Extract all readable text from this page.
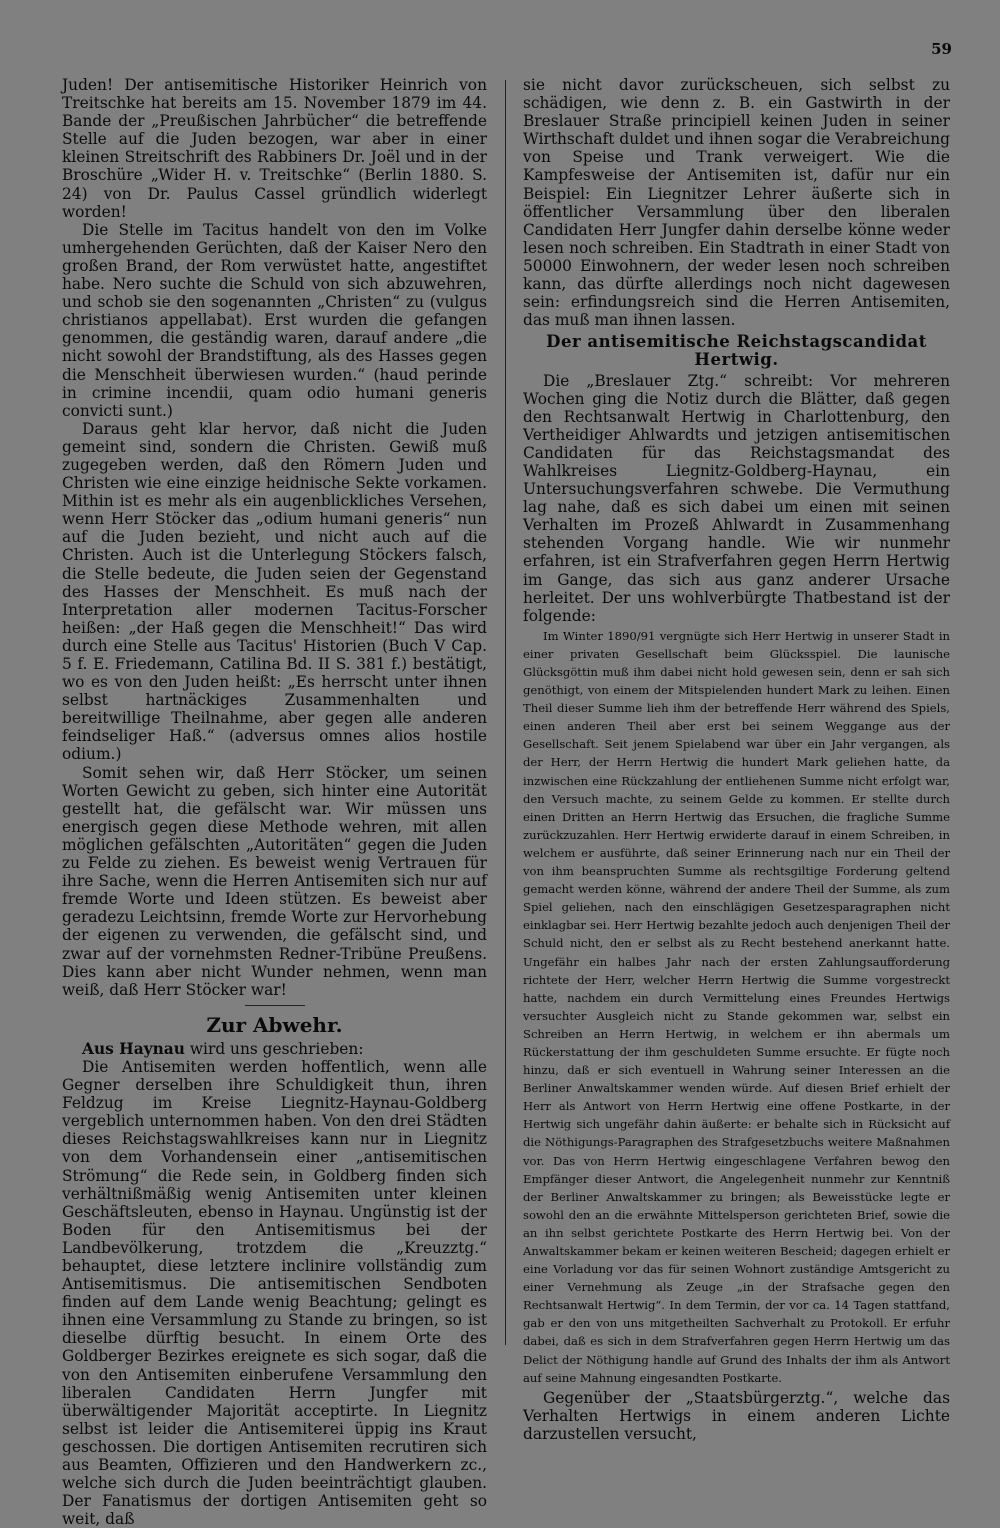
59

Juden! Der antisemitische Historiker Heinrich von Treitschke hat bereits am 15. November 1879 im 44. Bande der „Preußischen Jahrbücher“ die betreffende Stelle auf die Juden bezogen, war aber in einer kleinen Streitschrift des Rabbiners Dr. Joël und in der Broschüre „Wider H. v. Treitschke“ (Berlin 1880. S. 24) von Dr. Paulus Cassel gründlich widerlegt worden!

Die Stelle im Tacitus handelt von den im Volke umhergehenden Gerüchten, daß der Kaiser Nero den großen Brand, der Rom verwüstet hatte, angestiftet habe. Nero suchte die Schuld von sich abzuwehren, und schob sie den sogenannten „Christen“ zu (vulgus christianos appellabat). Erst wurden die gefangen genommen, die geständig waren, darauf andere „die nicht sowohl der Brandstiftung, als des Hasses gegen die Menschheit überwiesen wurden.“ (haud perinde in crimine incendii, quam odio humani generis convicti sunt.)

Daraus geht klar hervor, daß nicht die Juden gemeint sind, sondern die Christen. Gewiß muß zugegeben werden, daß den Römern Juden und Christen wie eine einzige heidnische Sekte vorkamen. Mithin ist es mehr als ein augenblickliches Versehen, wenn Herr Stöcker das „odium humani generis“ nun auf die Juden bezieht, und nicht auch auf die Christen. Auch ist die Unterlegung Stöckers falsch, die Stelle bedeute, die Juden seien der Gegenstand des Hasses der Menschheit. Es muß nach der Interpretation aller modernen Tacitus-Forscher heißen: „der Haß gegen die Menschheit!“ Das wird durch eine Stelle aus Tacitus' Historien (Buch V Cap. 5 f. E. Friedemann, Catilina Bd. II S. 381 f.) bestätigt, wo es von den Juden heißt: „Es herrscht unter ihnen selbst hartnäckiges Zusammenhalten und bereitwillige Theilnahme, aber gegen alle anderen feindseliger Haß.“ (adversus omnes alios hostile odium.)

Somit sehen wir, daß Herr Stöcker, um seinen Worten Gewicht zu geben, sich hinter eine Autorität gestellt hat, die gefälscht war. Wir müssen uns energisch gegen diese Methode wehren, mit allen möglichen gefälschten „Autoritäten“ gegen die Juden zu Felde zu ziehen. Es beweist wenig Vertrauen für ihre Sache, wenn die Herren Antisemiten sich nur auf fremde Worte und Ideen stützen. Es beweist aber geradezu Leichtsinn, fremde Worte zur Hervorhebung der eigenen zu verwenden, die gefälscht sind, und zwar auf der vornehmsten Redner-Tribüne Preußens. Dies kann aber nicht Wunder nehmen, wenn man weiß, daß Herr Stöcker war!

Zur Abwehr.

Aus Haynau wird uns geschrieben:

Die Antisemiten werden hoffentlich, wenn alle Gegner derselben ihre Schuldigkeit thun, ihren Feldzug im Kreise Liegnitz-Haynau-Goldberg vergeblich unternommen haben. Von den drei Städten dieses Reichstagswahlkreises kann nur in Liegnitz von dem Vorhandensein einer „antisemitischen Strömung“ die Rede sein, in Goldberg finden sich verhältnißmäßig wenig Antisemiten unter kleinen Geschäftsleuten, ebenso in Haynau. Ungünstig ist der Boden für den Antisemitismus bei der Landbevölkerung, trotzdem die „Kreuzztg.“ behauptet, diese letztere inclinire vollständig zum Antisemitismus. Die antisemitischen Sendboten finden auf dem Lande wenig Beachtung; gelingt es ihnen eine Versammlung zu Stande zu bringen, so ist dieselbe dürftig besucht. In einem Orte des Goldberger Bezirkes ereignete es sich sogar, daß die von den Antisemiten einberufene Versammlung den liberalen Candidaten Herrn Jungfer mit überwältigender Majorität acceptirte. In Liegnitz selbst ist leider die Antisemiterei üppig ins Kraut geschossen. Die dortigen Antisemiten recrutiren sich aus Beamten, Offizieren und den Handwerkern zc., welche sich durch die Juden beeinträchtigt glauben. Der Fanatismus der dortigen Antisemiten geht so weit, daß

sie nicht davor zurückscheuen, sich selbst zu schädigen, wie denn z. B. ein Gastwirth in der Breslauer Straße principiell keinen Juden in seiner Wirthschaft duldet und ihnen sogar die Verabreichung von Speise und Trank verweigert. Wie die Kampfesweise der Antisemiten ist, dafür nur ein Beispiel: Ein Liegnitzer Lehrer äußerte sich in öffentlicher Versammlung über den liberalen Candidaten Herr Jungfer dahin derselbe könne weder lesen noch schreiben. Ein Stadtrath in einer Stadt von 50000 Einwohnern, der weder lesen noch schreiben kann, das dürfte allerdings noch nicht dagewesen sein: erfindungsreich sind die Herren Antisemiten, das muß man ihnen lassen.

Der antisemitische Reichstagscandidat Hertwig.

Die „Breslauer Ztg.“ schreibt: Vor mehreren Wochen ging die Notiz durch die Blätter, daß gegen den Rechtsanwalt Hertwig in Charlottenburg, den Vertheidiger Ahlwardts und jetzigen antisemitischen Candidaten für das Reichstagsmandat des Wahlkreises Liegnitz-Goldberg-Haynau, ein Untersuchungsverfahren schwebe. Die Vermuthung lag nahe, daß es sich dabei um einen mit seinen Verhalten im Prozeß Ahlwardt in Zusammenhang stehenden Vorgang handle. Wie wir nunmehr erfahren, ist ein Strafverfahren gegen Herrn Hertwig im Gange, das sich aus ganz anderer Ursache herleitet. Der uns wohlverbürgte Thatbestand ist der folgende:

Im Winter 1890/91 vergnügte sich Herr Hertwig in unserer Stadt in einer privaten Gesellschaft beim Glücksspiel. Die launische Glücksgöttin muß ihm dabei nicht hold gewesen sein, denn er sah sich genöthigt, von einem der Mitspielenden hundert Mark zu leihen. Einen Theil dieser Summe lieh ihm der betreffende Herr während des Spiels, einen anderen Theil aber erst bei seinem Weggange aus der Gesellschaft. Seit jenem Spielabend war über ein Jahr vergangen, als der Herr, der Herrn Hertwig die hundert Mark geliehen hatte, da inzwischen eine Rückzahlung der entliehenen Summe nicht erfolgt war, den Versuch machte, zu seinem Gelde zu kommen. Er stellte durch einen Dritten an Herrn Hertwig das Ersuchen, die fragliche Summe zurückzuzahlen. Herr Hertwig erwiderte darauf in einem Schreiben, in welchem er ausführte, daß seiner Erinnerung nach nur ein Theil der von ihm beanspruchten Summe als rechtsgiltige Forderung geltend gemacht werden könne, während der andere Theil der Summe, als zum Spiel geliehen, nach den einschlägigen Gesetzesparagraphen nicht einklagbar sei. Herr Hertwig bezahlte jedoch auch denjenigen Theil der Schuld nicht, den er selbst als zu Recht bestehend anerkannt hatte. Ungefähr ein halbes Jahr nach der ersten Zahlungsaufforderung richtete der Herr, welcher Herrn Hertwig die Summe vorgestreckt hatte, nachdem ein durch Vermittelung eines Freundes Hertwigs versuchter Ausgleich nicht zu Stande gekommen war, selbst ein Schreiben an Herrn Hertwig, in welchem er ihn abermals um Rückerstattung der ihm geschuldeten Summe ersuchte. Er fügte noch hinzu, daß er sich eventuell in Wahrung seiner Interessen an die Berliner Anwaltskammer wenden würde. Auf diesen Brief erhielt der Herr als Antwort von Herrn Hertwig eine offene Postkarte, in der Hertwig sich ungefähr dahin äußerte: er behalte sich in Rücksicht auf die Nöthigungs-Paragraphen des Strafgesetzbuchs weitere Maßnahmen vor. Das von Herrn Hertwig eingeschlagene Verfahren bewog den Empfänger dieser Antwort, die Angelegenheit nunmehr zur Kenntniß der Berliner Anwaltskammer zu bringen; als Beweisstücke legte er sowohl den an die erwähnte Mittelsperson gerichteten Brief, sowie die an ihn selbst gerichtete Postkarte des Herrn Hertwig bei. Von der Anwaltskammer bekam er keinen weiteren Bescheid; dagegen erhielt er eine Vorladung vor das für seinen Wohnort zuständige Amtsgericht zu einer Vernehmung als Zeuge „in der Strafsache gegen den Rechtsanwalt Hertwig“. In dem Termin, der vor ca. 14 Tagen stattfand, gab er den von uns mitgetheilten Sachverhalt zu Protokoll. Er erfuhr dabei, daß es sich in dem Strafverfahren gegen Herrn Hertwig um das Delict der Nöthigung handle auf Grund des Inhalts der ihm als Antwort auf seine Mahnung eingesandten Postkarte.

Gegenüber der „Staatsbürgerztg.“, welche das Verhalten Hertwigs in einem anderen Lichte darzustellen versucht,
